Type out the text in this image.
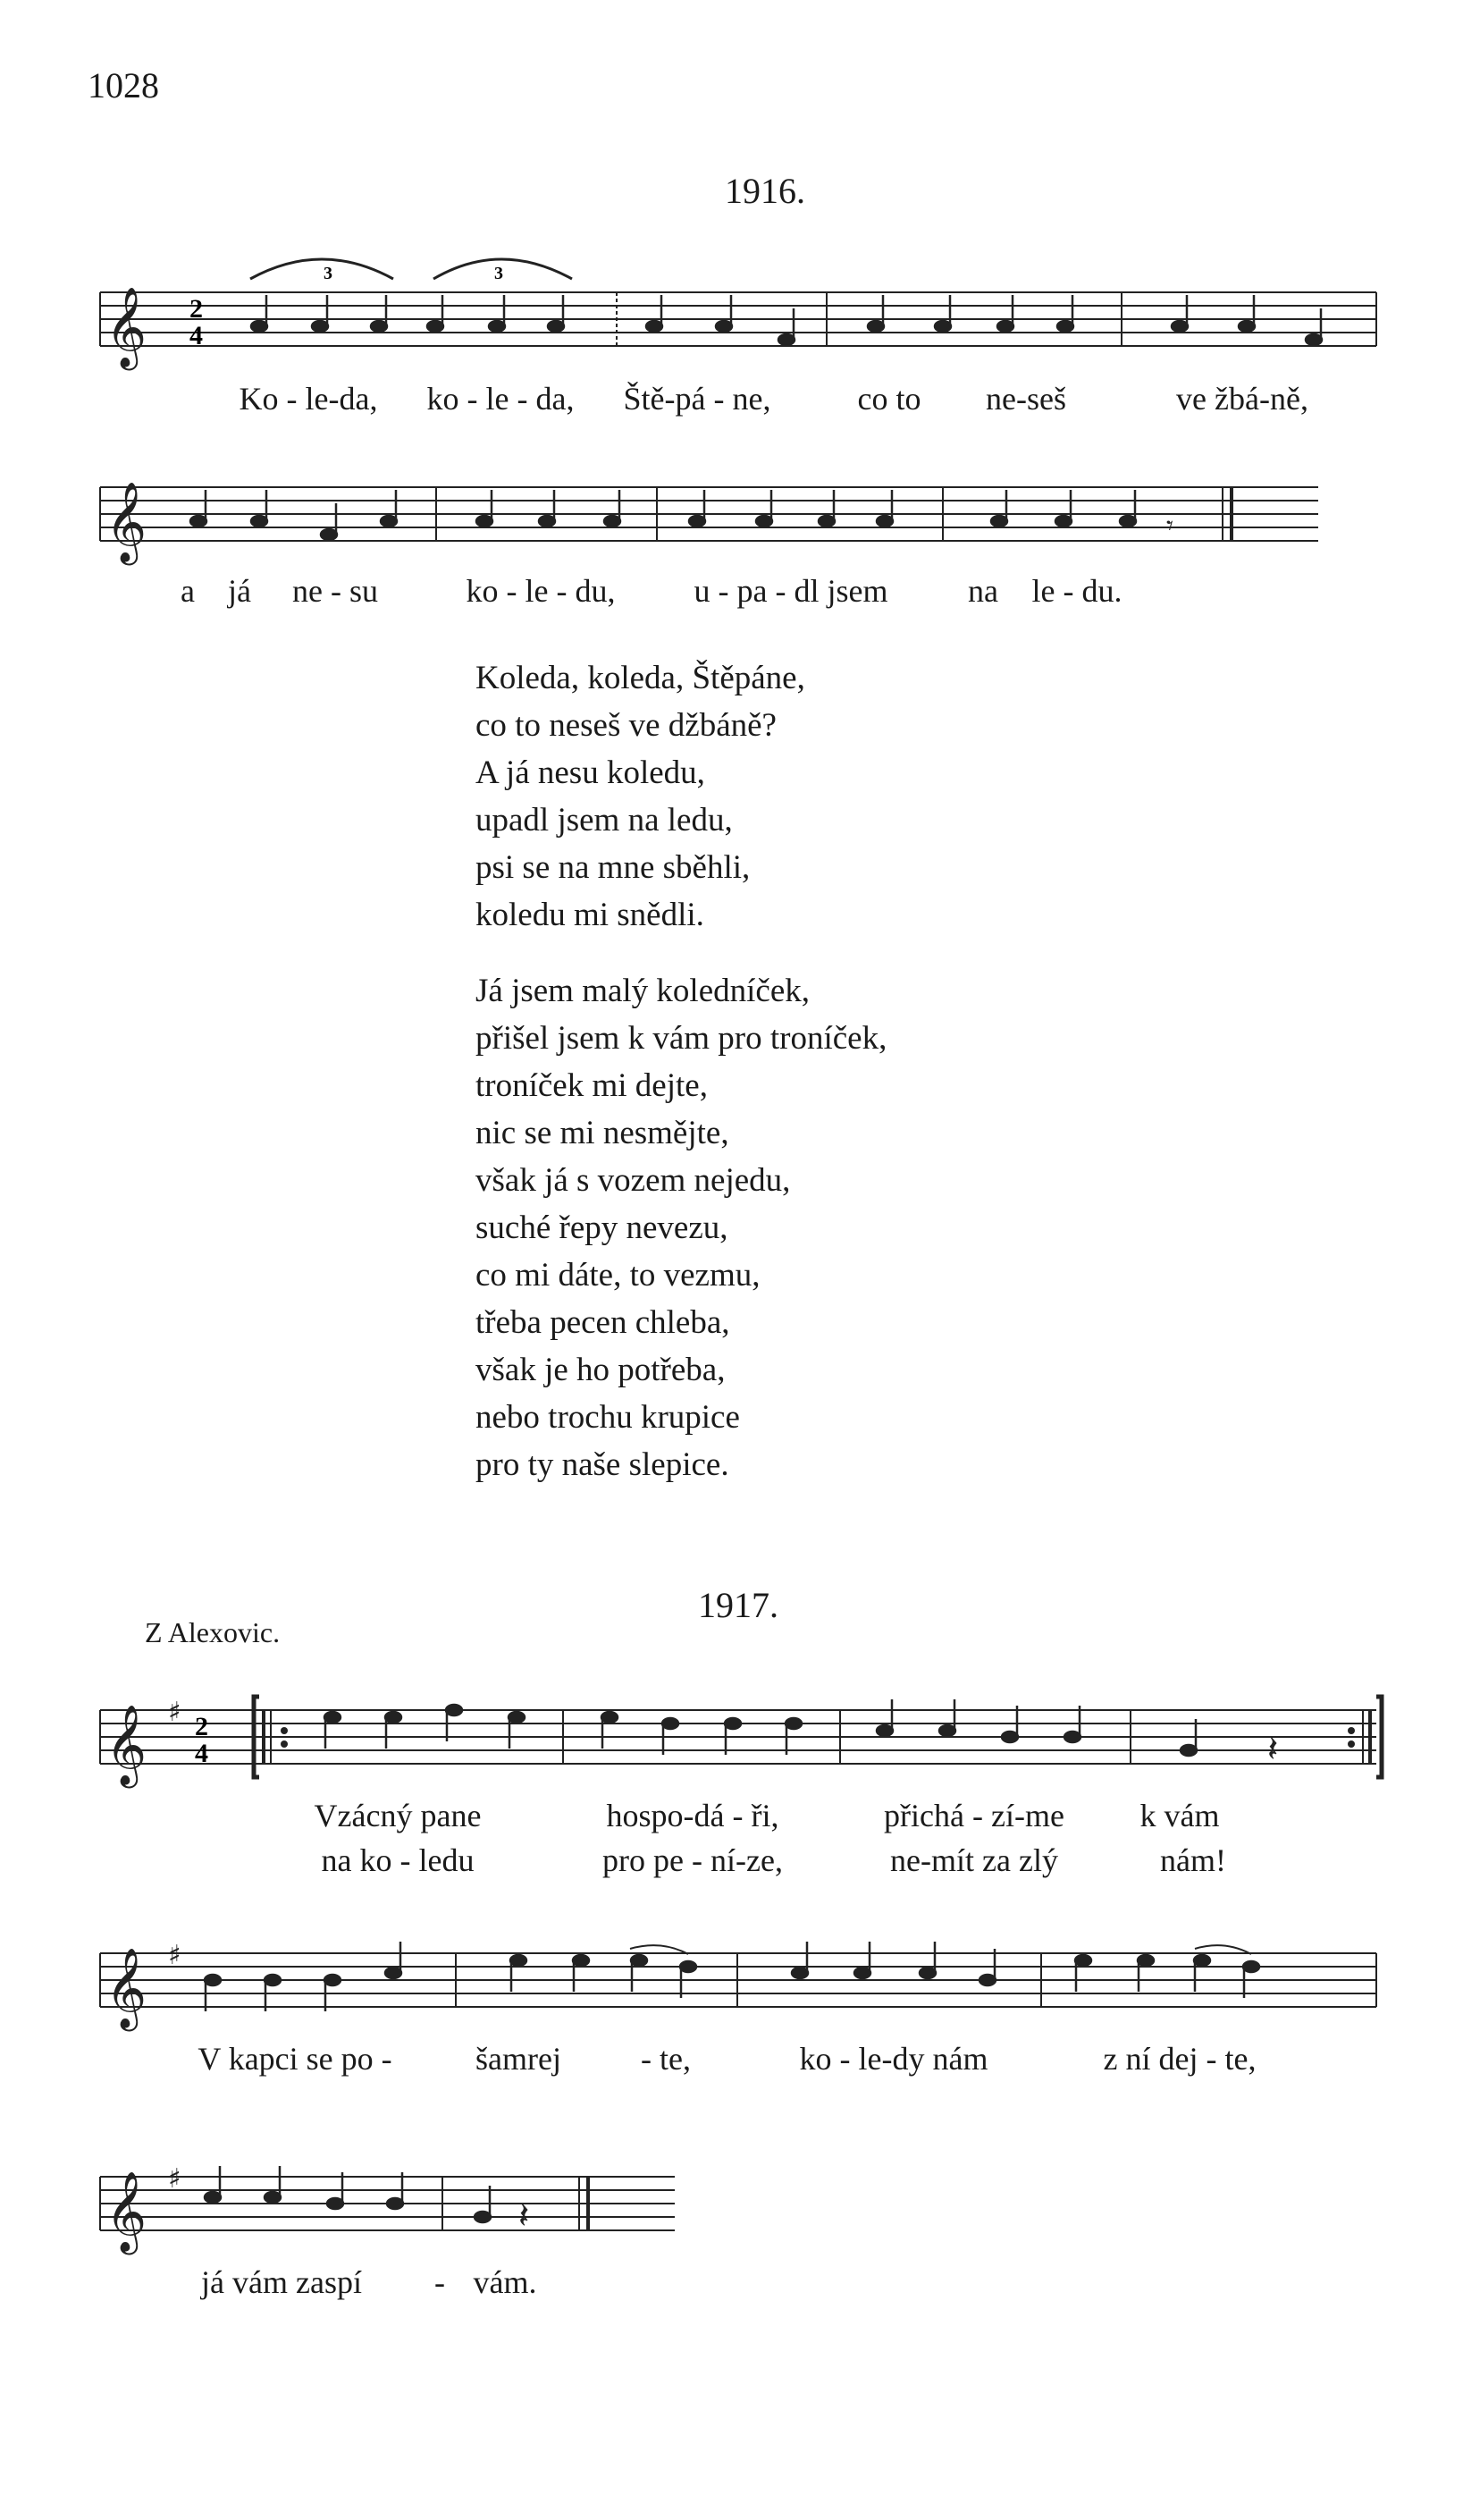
1028
1916.
𝄞 2
4
3	3
Ko - le-da, ko - le - da, Ště-pá - ne,	co to ne-seš	ve žbá-ně,
𝄞	𝄾
a já ne - su	ko - le - du, u - pa - dl jsem na le - du.
Koleda, koleda, Štěpáne,
co to neseš ve džbáně?
A já nesu koledu,
upadl jsem na ledu,
psi se na mne sběhli,
koledu mi snědli.
Já jsem malý koledníček,
přišel jsem k vám pro troníček,
troníček mi dejte,
nic se mi nesmějte,
však já s vozem nejedu,
suché řepy nevezu,
co mi dáte, to vezmu,
třeba pecen chleba,
však je ho potřeba,
nebo trochu krupice
pro ty naše slepice.
1917.
Z Alexovic.
𝄞 ♯ 2
4	𝄽
Vzácný pane	hospo-dá - ři,	přichá - zí-me k vám
na ko - ledu	pro pe - ní-ze,	ne-mít za zlý	nám!
𝄞 ♯
V kapci se po -	šamrej - te,	ko - le-dy nám	z ní dej - te,
𝄞 ♯
𝄽
já vám zaspí - vám.
